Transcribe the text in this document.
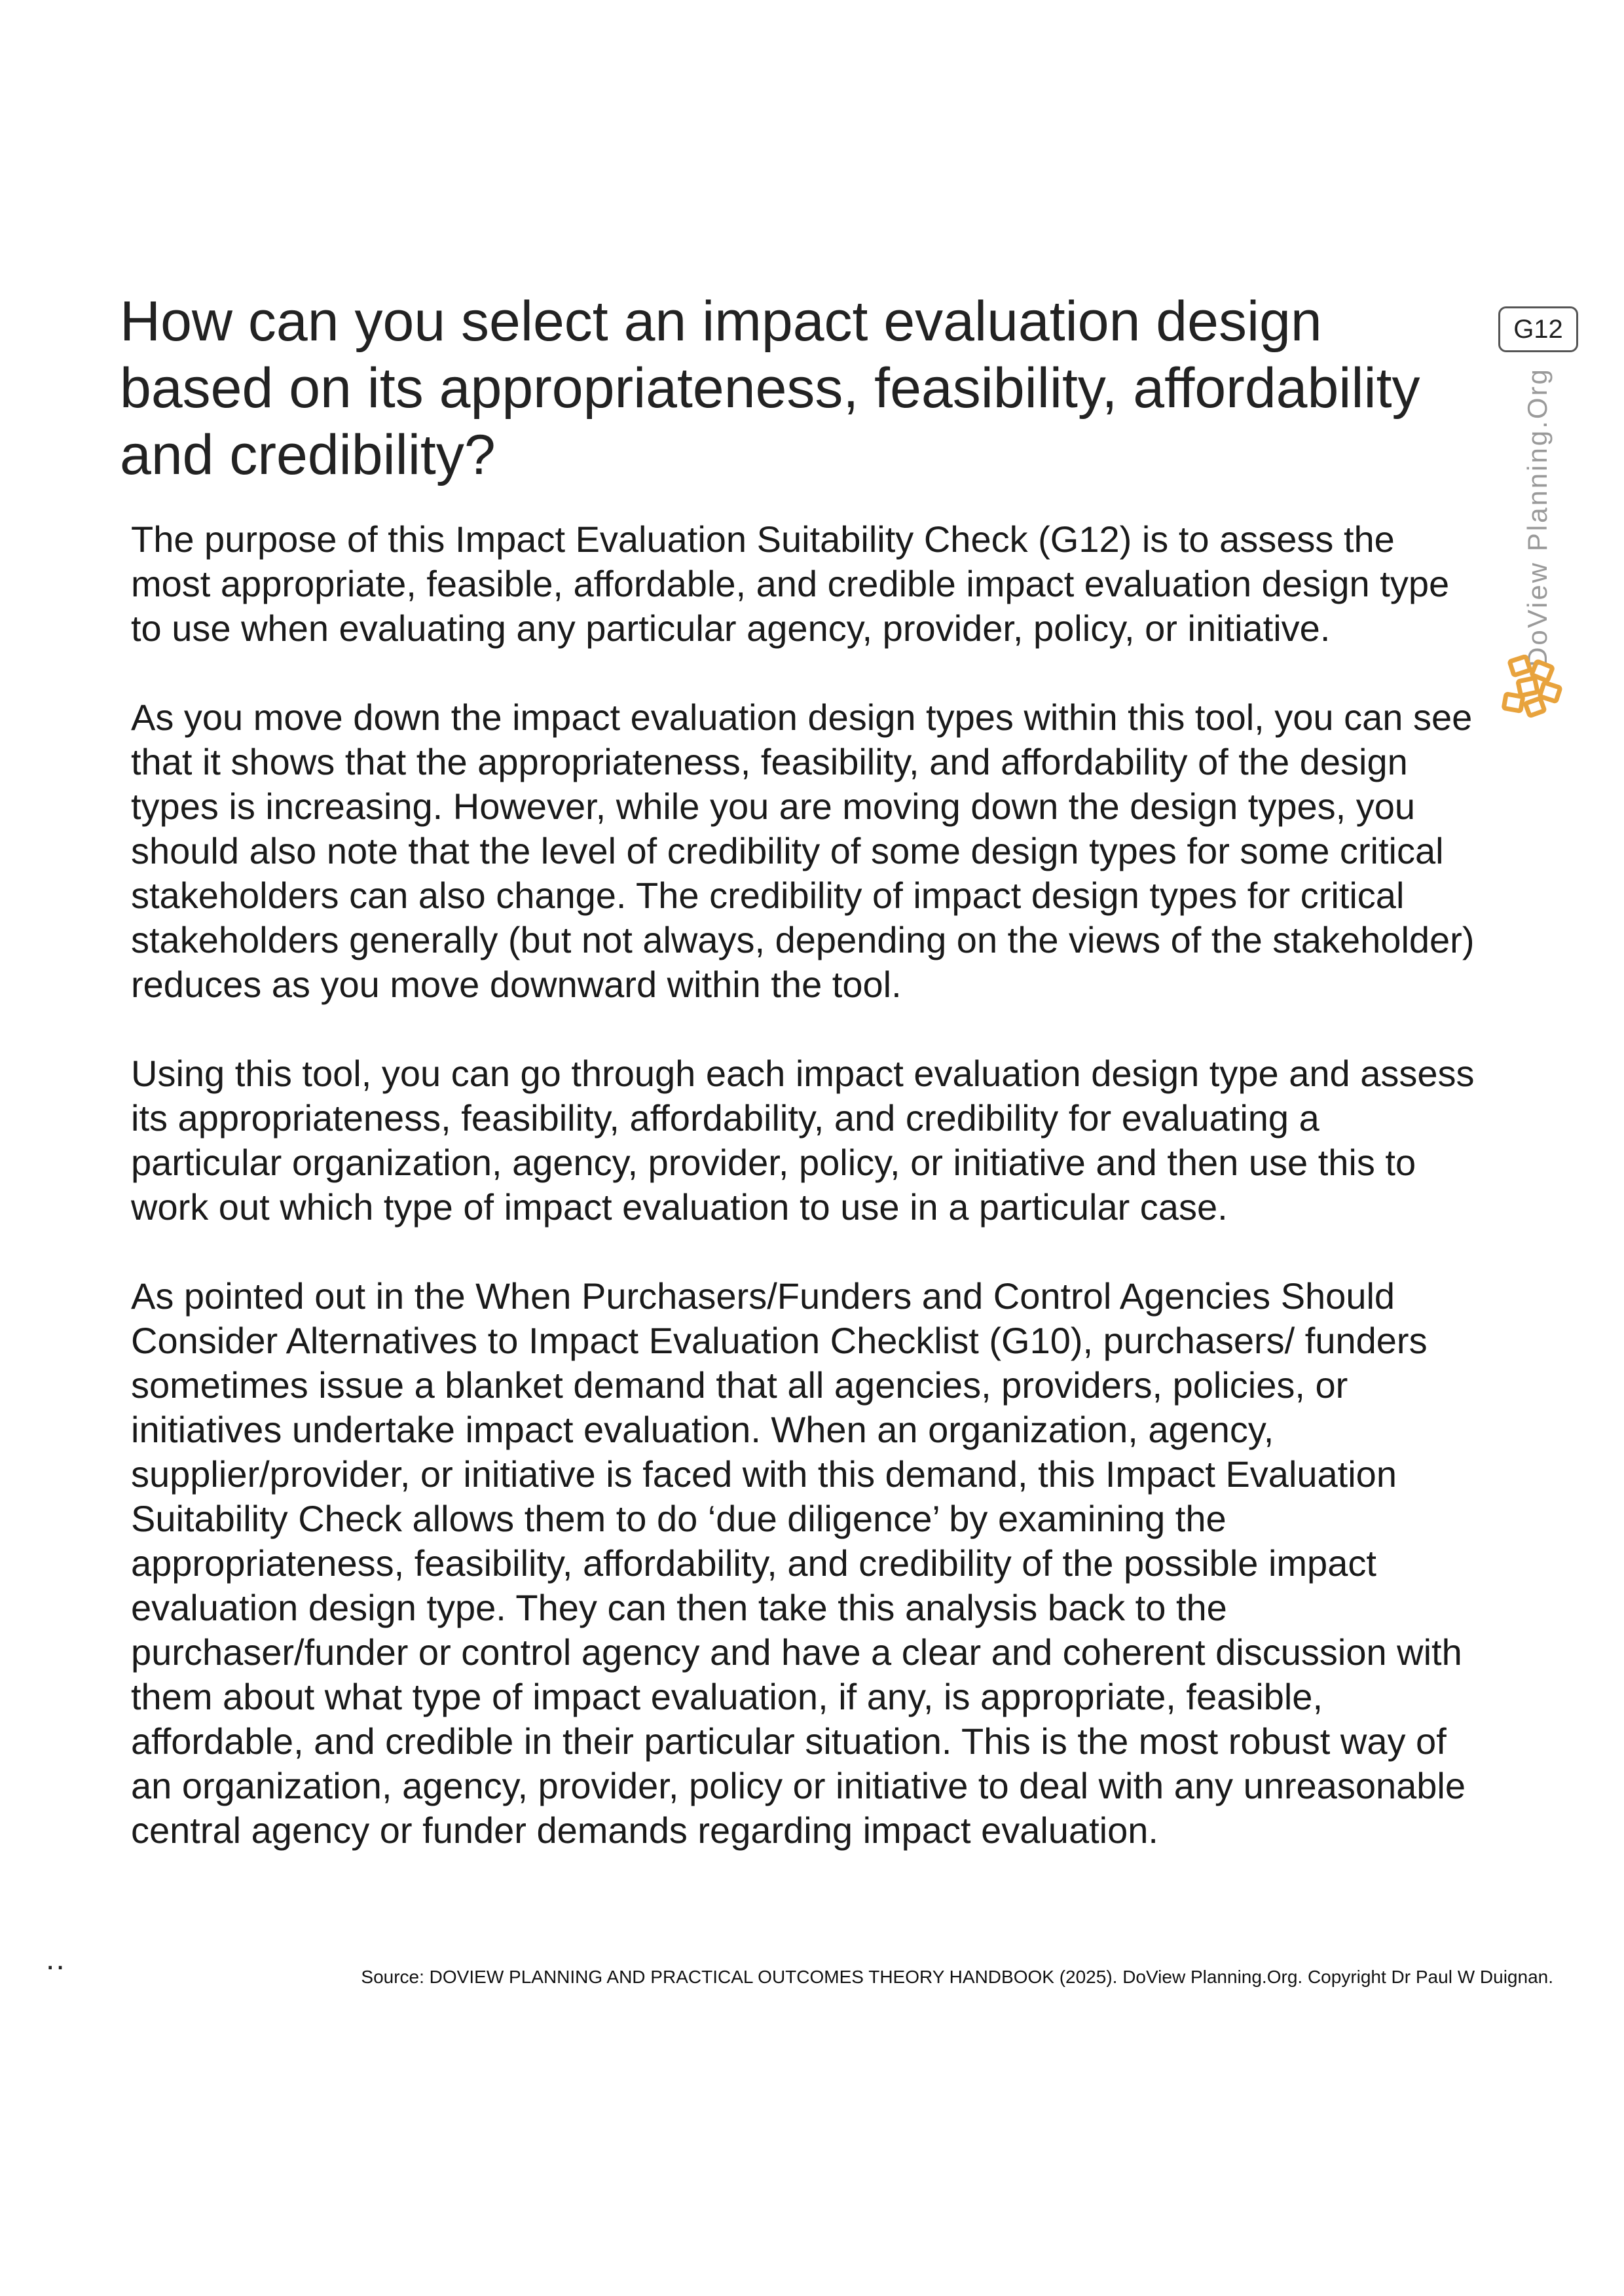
How can you select an impact evaluation design based on its appropriateness, feasibility, affordability and credibility?
G12
DoView Planning.Org

The purpose of this Impact Evaluation Suitability Check (G12) is to assess the most appropriate, feasible, affordable, and credible impact evaluation design type to use when evaluating any particular agency, provider, policy, or initiative.

As you move down the impact evaluation design types within this tool, you can see that it shows that the appropriateness, feasibility, and affordability of the design types is increasing. However, while you are moving down the design types, you should also note that the level of credibility of some design types for some critical stakeholders can also change. The credibility of impact design types for critical stakeholders generally (but not always, depending on the views of the stakeholder) reduces as you move downward within the tool.

Using this tool, you can go through each impact evaluation design type and assess its appropriateness, feasibility, affordability, and credibility for evaluating a particular organization, agency, provider, policy, or initiative and then use this to work out which type of impact evaluation to use in a particular case.

As pointed out in the When Purchasers/Funders and Control Agencies Should Consider Alternatives to Impact Evaluation Checklist (G10), purchasers/ funders sometimes issue a blanket demand that all agencies, providers, policies, or initiatives undertake impact evaluation. When an organization, agency, supplier/provider, or initiative is faced with this demand, this Impact Evaluation Suitability Check allows them to do ‘due diligence’ by examining the appropriateness, feasibility, affordability, and credibility of the possible impact evaluation design type. They can then take this analysis back to the purchaser/funder or control agency and have a clear and coherent discussion with them about what type of impact evaluation, if any, is appropriate, feasible, affordable, and credible in their particular situation. This is the most robust way of an organization, agency, provider, policy or initiative to deal with any unreasonable central agency or funder demands regarding impact evaluation.

..
Source: DOVIEW PLANNING AND PRACTICAL OUTCOMES THEORY HANDBOOK (2025). DoView Planning.Org. Copyright Dr Paul W Duignan.
